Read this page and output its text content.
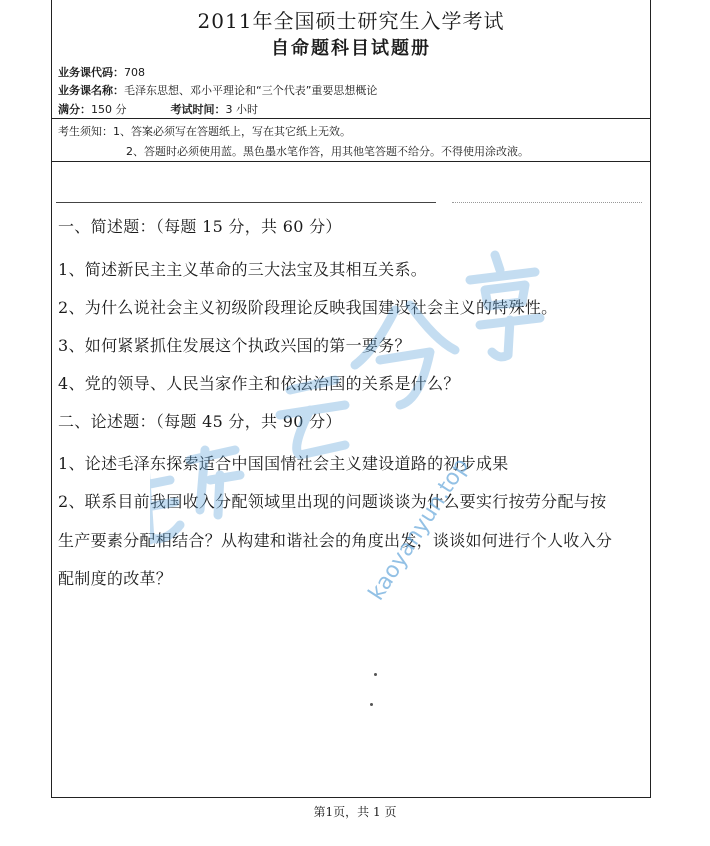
2011年全国硕士研究生入学考试
自命题科目试题册
业务课代码：708
业务课名称：毛泽东思想、邓小平理论和“三个代表”重要思想概论
满分：150 分	考试时间：3 小时
考生须知：1、答案必须写在答题纸上，写在其它纸上无效。
2、答题时必须使用蓝。黑色墨水笔作答，用其他笔答题不给分。不得使用涂改液。
一、简述题：（每题 15 分，共 60 分）
1、简述新民主主义革命的三大法宝及其相互关系。
2、为什么说社会主义初级阶段理论反映我国建设社会主义的特殊性。
3、如何紧紧抓住发展这个执政兴国的第一要务？
4、党的领导、人民当家作主和依法治国的关系是什么？
二、论述题：（每题 45 分，共 90 分）
1、论述毛泽东探索适合中国国情社会主义建设道路的初步成果
2、联系目前我国收入分配领域里出现的问题谈谈为什么要实行按劳分配与按
生产要素分配相结合？从构建和谐社会的角度出发，谈谈如何进行个人收入分
配制度的改革？	kaoyanyun.top
第1页，共 1 页
